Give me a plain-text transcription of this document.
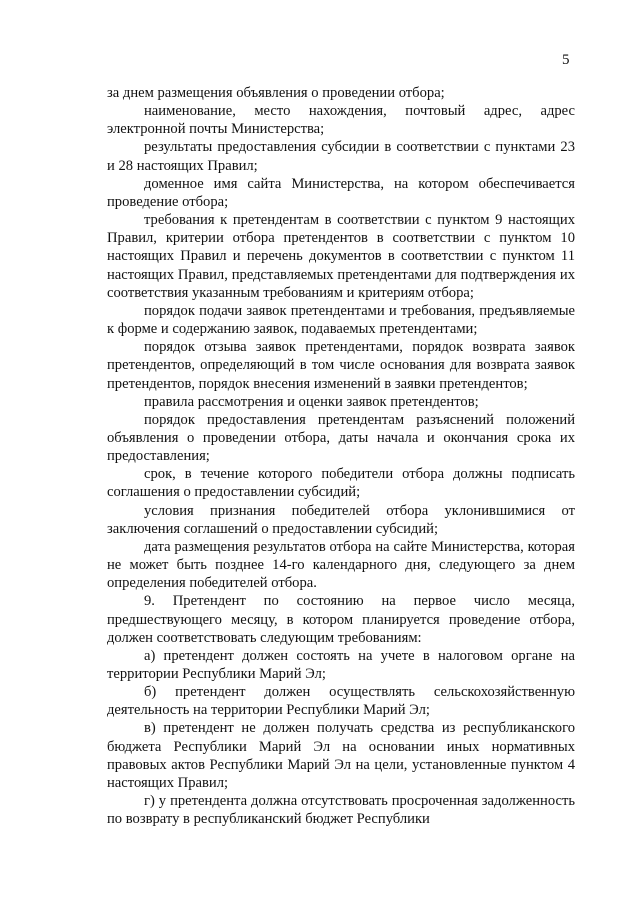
5

за днем размещения объявления о проведении отбора;

наименование, место нахождения, почтовый адрес, адрес электронной почты Министерства;

результаты предоставления субсидии в соответствии с пунктами 23 и 28 настоящих Правил;

доменное имя сайта Министерства, на котором обеспечивается проведение отбора;

требования к претендентам в соответствии с пунктом 9 настоящих Правил, критерии отбора претендентов в соответствии с пунктом 10 настоящих Правил и перечень документов в соответствии с пунктом 11 настоящих Правил, представляемых претендентами для подтверждения их соответствия указанным требованиям и критериям отбора;

порядок подачи заявок претендентами и требования, предъявляемые к форме и содержанию заявок, подаваемых претендентами;

порядок отзыва заявок претендентами, порядок возврата заявок претендентов, определяющий в том числе основания для возврата заявок претендентов, порядок внесения изменений в заявки претендентов;

правила рассмотрения и оценки заявок претендентов;

порядок предоставления претендентам разъяснений положений объявления о проведении отбора, даты начала и окончания срока их предоставления;

срок, в течение которого победители отбора должны подписать соглашения о предоставлении субсидий;

условия признания победителей отбора уклонившимися от заключения соглашений о предоставлении субсидий;

дата размещения результатов отбора на сайте Министерства, которая не может быть позднее 14-го календарного дня, следующего за днем определения победителей отбора.

9. Претендент по состоянию на первое число месяца, предшествующего месяцу, в котором планируется проведение отбора, должен соответствовать следующим требованиям:

а) претендент должен состоять на учете в налоговом органе на территории Республики Марий Эл;

б) претендент должен осуществлять сельскохозяйственную деятельность на территории Республики Марий Эл;

в) претендент не должен получать средства из республиканского бюджета Республики Марий Эл на основании иных нормативных правовых актов Республики Марий Эл на цели, установленные пунктом 4 настоящих Правил;

г) у претендента должна отсутствовать просроченная задолженность по возврату в республиканский бюджет Республики
